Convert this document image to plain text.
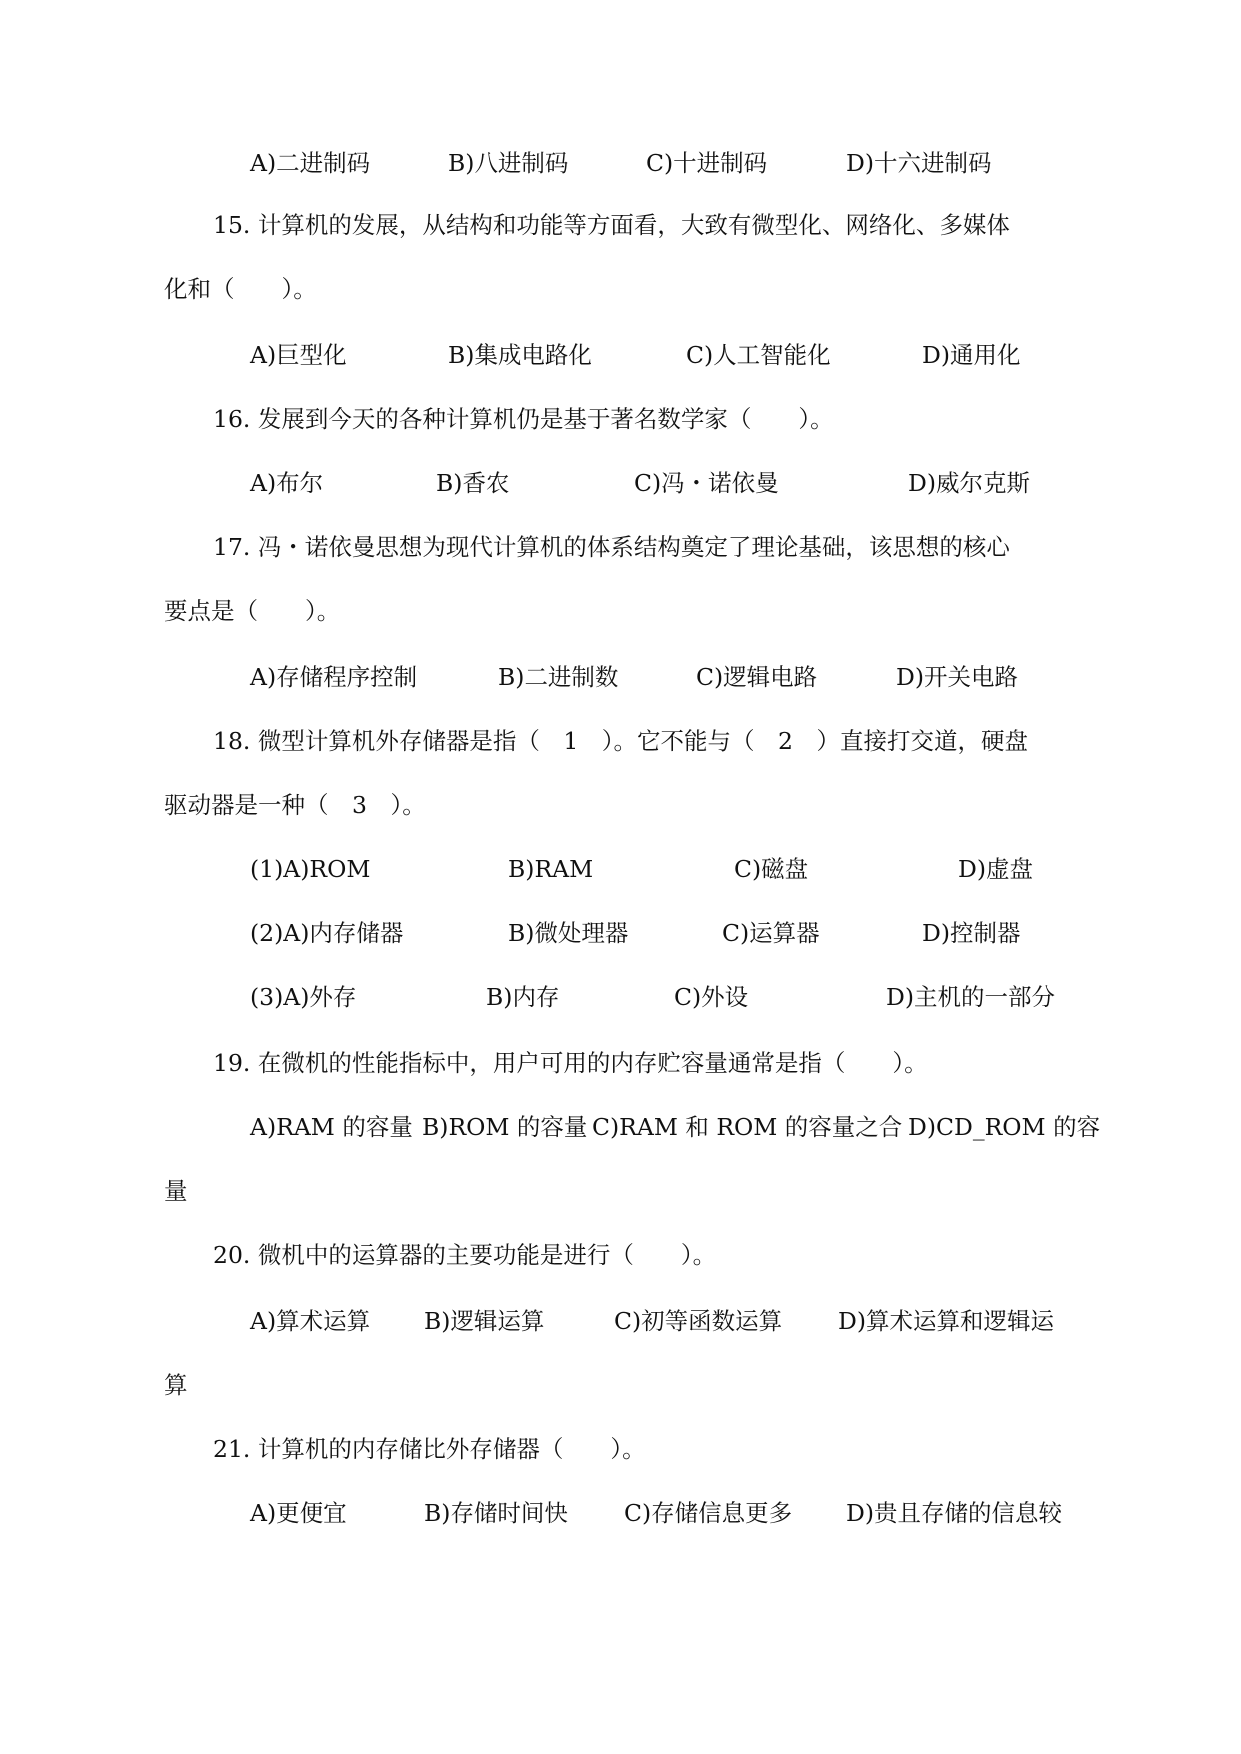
A)二进制码	B)八进制码	C)十进制码	D)十六进制码
15. 计算机的发展，从结构和功能等方面看，大致有微型化、网络化、多媒体
化和（　　）。
A)巨型化	B)集成电路化	C)人工智能化	D)通用化
16. 发展到今天的各种计算机仍是基于著名数学家（　　）。
A)布尔	B)香农	C)冯・诺依曼	D)威尔克斯
17. 冯・诺依曼思想为现代计算机的体系结构奠定了理论基础，该思想的核心
要点是（　　）。
A)存储程序控制	B)二进制数	C)逻辑电路	D)开关电路
18. 微型计算机外存储器是指（　1　）。它不能与（　2　）直接打交道，硬盘
驱动器是一种（　3　）。
(1)A)ROM	B)RAM	C)磁盘	D)虚盘
(2)A)内存储器	B)微处理器	C)运算器	D)控制器
(3)A)外存	B)内存	C)外设	D)主机的一部分
19. 在微机的性能指标中，用户可用的内存贮容量通常是指（　　）。
A)RAM 的容量 B)ROM 的容量 C)RAM 和 ROM 的容量之合 D)CD_ROM 的容
量
20. 微机中的运算器的主要功能是进行（　　）。
A)算术运算 B)逻辑运算	C)初等函数运算 D)算术运算和逻辑运
算
21. 计算机的内存储比外存储器（　　）。
A)更便宜	B)存储时间快 C)存储信息更多 D)贵且存储的信息较
